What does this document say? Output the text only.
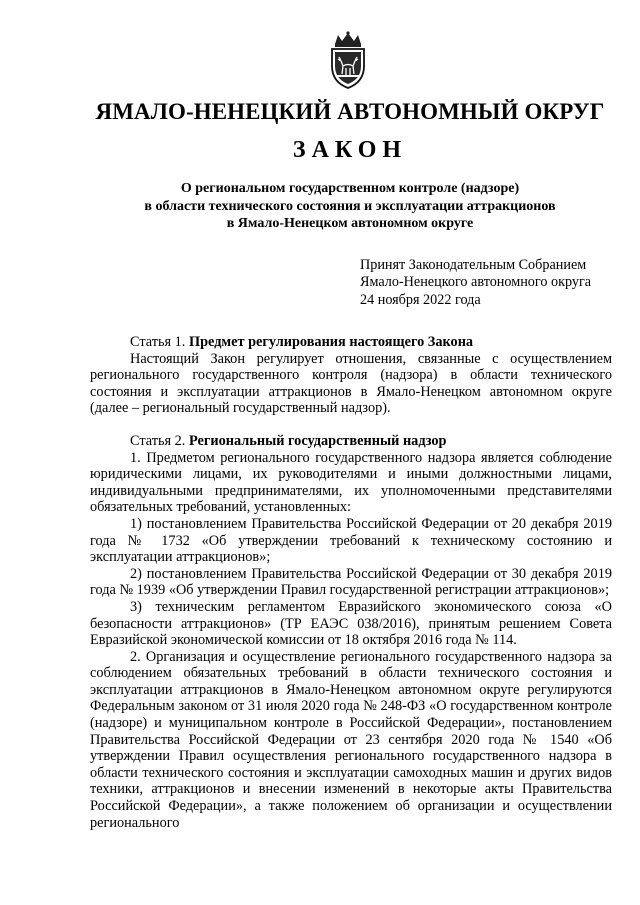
ЯМАЛО-НЕНЕЦКИЙ АВТОНОМНЫЙ ОКРУГ
ЗАКОН
О региональном государственном контроле (надзоре)
в области технического состояния и эксплуатации аттракционов
в Ямало-Ненецком автономном округе
Принят Законодательным Собранием
Ямало-Ненецкого автономного округа
24 ноября 2022 года

Статья 1. Предмет регулирования настоящего Закона

Настоящий Закон регулирует отношения, связанные с осуществлением регионального государственного контроля (надзора) в области технического состояния и эксплуатации аттракционов в Ямало-Ненецком автономном округе (далее – региональный государственный надзор).

Статья 2. Региональный государственный надзор

1. Предметом регионального государственного надзора является соблюдение юридическими лицами, их руководителями и иными должностными лицами, индивидуальными предпринимателями, их уполномоченными представителями обязательных требований, установленных:

1) постановлением Правительства Российской Федерации от 20 декабря 2019 года № 1732 «Об утверждении требований к техническому состоянию и эксплуатации аттракционов»;

2) постановлением Правительства Российской Федерации от 30 декабря 2019 года № 1939 «Об утверждении Правил государственной регистрации аттракционов»;

3) техническим регламентом Евразийского экономического союза «О безопасности аттракционов» (ТР ЕАЭС 038/2016), принятым решением Совета Евразийской экономической комиссии от 18 октября 2016 года № 114.

2. Организация и осуществление регионального государственного надзора за соблюдением обязательных требований в области технического состояния и эксплуатации аттракционов в Ямало-Ненецком автономном округе регулируются Федеральным законом от 31 июля 2020 года № 248-ФЗ «О государственном контроле (надзоре) и муниципальном контроле в Российской Федерации», постановлением Правительства Российской Федерации от 23 сентября 2020 года № 1540 «Об утверждении Правил осуществления регионального государственного надзора в области технического состояния и эксплуатации самоходных машин и других видов техники, аттракционов и внесении изменений в некоторые акты Правительства Российской Федерации», а также положением об организации и осуществлении регионального
